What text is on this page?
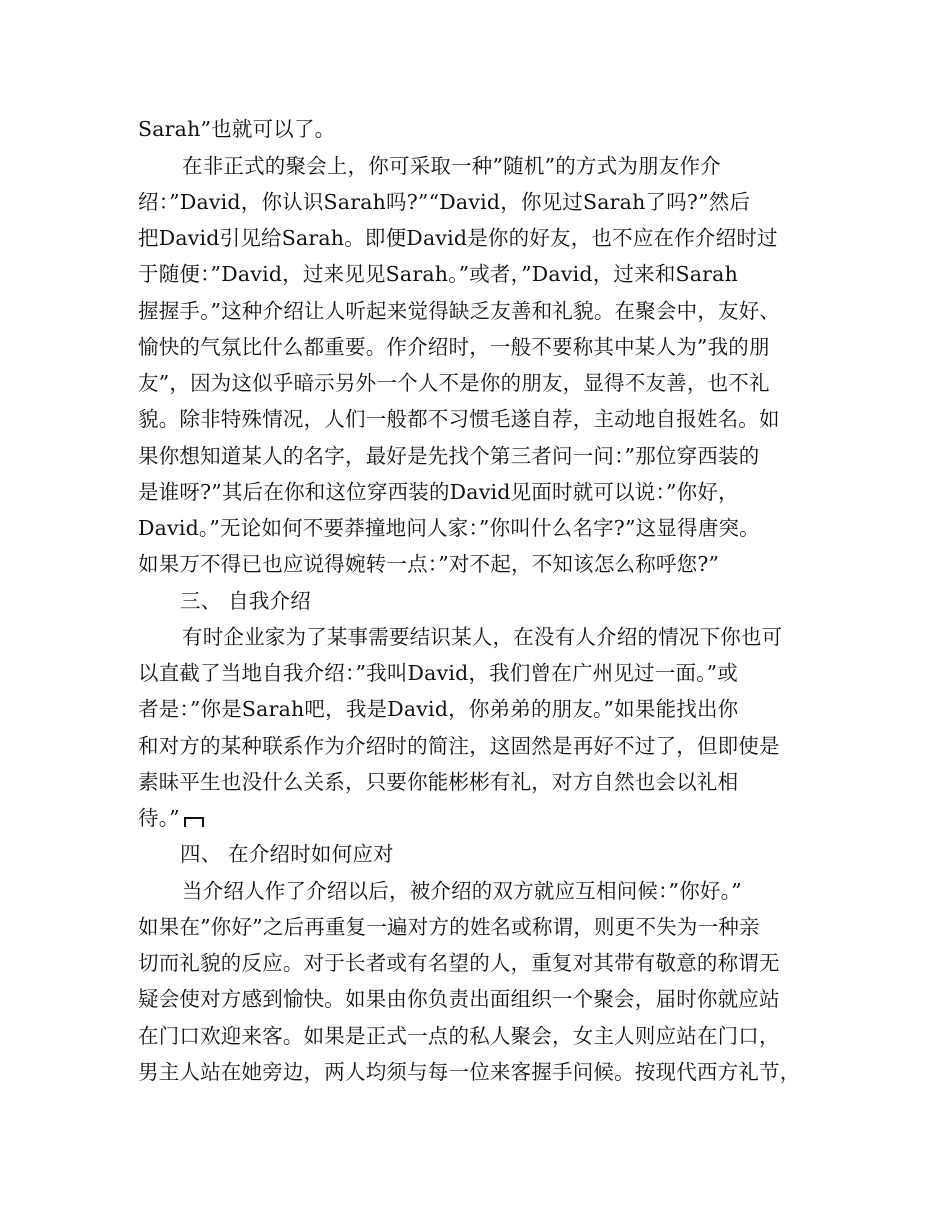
Sarah”也就可以了。
在非正式的聚会上，你可采取一种”随机”的方式为朋友作介
绍：”David，你认识Sarah吗?”“David，你见过Sarah了吗?”然后
把David引见给Sarah。即便David是你的好友，也不应在作介绍时过
于随便：”David，过来见见Sarah。”或者，”David，过来和Sarah
握握手。”这种介绍让人听起来觉得缺乏友善和礼貌。在聚会中，友好、
愉快的气氛比什么都重要。作介绍时，一般不要称其中某人为”我的朋
友”，因为这似乎暗示另外一个人不是你的朋友，显得不友善，也不礼
貌。除非特殊情况，人们一般都不习惯毛遂自荐，主动地自报姓名。如
果你想知道某人的名字，最好是先找个第三者问一问：”那位穿西装的
是谁呀?”其后在你和这位穿西装的David见面时就可以说：”你好，
David。”无论如何不要莽撞地问人家：”你叫什么名字?”这显得唐突。
如果万不得已也应说得婉转一点：”对不起，不知该怎么称呼您?”
三、 自我介绍
有时企业家为了某事需要结识某人，在没有人介绍的情况下你也可
以直截了当地自我介绍：”我叫David，我们曾在广州见过一面。”或
者是：”你是Sarah吧，我是David，你弟弟的朋友。”如果能找出你
和对方的某种联系作为介绍时的简注，这固然是再好不过了，但即使是
素昧平生也没什么关系，只要你能彬彬有礼，对方自然也会以礼相
待。”
四、 在介绍时如何应对
当介绍人作了介绍以后，被介绍的双方就应互相问候：”你好。”
如果在”你好”之后再重复一遍对方的姓名或称谓，则更不失为一种亲
切而礼貌的反应。对于长者或有名望的人，重复对其带有敬意的称谓无
疑会使对方感到愉快。如果由你负责出面组织一个聚会，届时你就应站
在门口欢迎来客。如果是正式一点的私人聚会，女主人则应站在门口，
男主人站在她旁边，两人均须与每一位来客握手问候。按现代西方礼节，
